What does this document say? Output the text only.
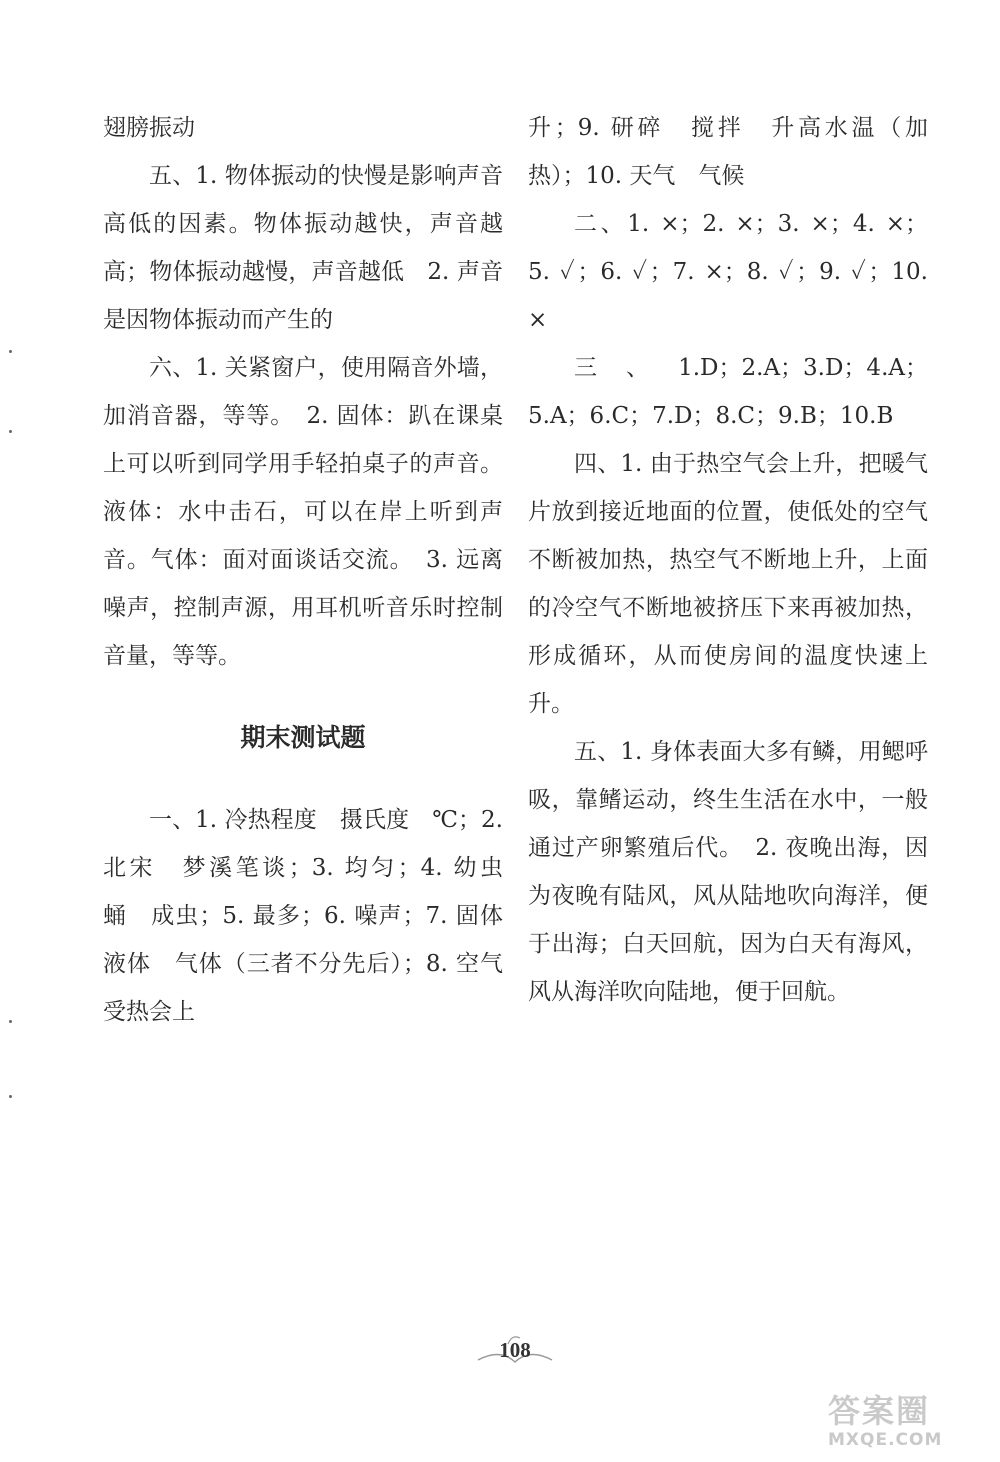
翅膀振动

五、1. 物体振动的快慢是影响声音高低的因素。物体振动越快，声音越高；物体振动越慢，声音越低　2. 声音是因物体振动而产生的

六、1. 关紧窗户，使用隔音外墙，加消音器，等等。　2. 固体：趴在课桌上可以听到同学用手轻拍桌子的声音。液体：水中击石，可以在岸上听到声音。气体：面对面谈话交流。　3. 远离噪声，控制声源，用耳机听音乐时控制音量，等等。

期末测试题

一、1. 冷热程度　摄氏度　℃；2. 北宋　梦溪笔谈；3. 均匀；4. 幼虫　蛹　成虫；5. 最多；6. 噪声；7. 固体　液体　气体（三者不分先后）；8. 空气受热会上

升；9. 研碎　搅拌　升高水温（加热）；10. 天气　气候

二、1. ×；2. ×；3. ×；4. ×；5. ✓；6. ✓；7. ×；8. ✓；9. ✓；10. ×

三、1.D；2.A；3.D；4.A；5.A；6.C；7.D；8.C；9.B；10.B

四、1. 由于热空气会上升，把暖气片放到接近地面的位置，使低处的空气不断被加热，热空气不断地上升，上面的冷空气不断地被挤压下来再被加热，形成循环，从而使房间的温度快速上升。

五、1. 身体表面大多有鳞，用鳃呼吸，靠鳍运动，终生生活在水中，一般通过产卵繁殖后代。　2. 夜晚出海，因为夜晚有陆风，风从陆地吹向海洋，便于出海；白天回航，因为白天有海风，风从海洋吹向陆地，便于回航。

108
答案圈
MXQE.COM
